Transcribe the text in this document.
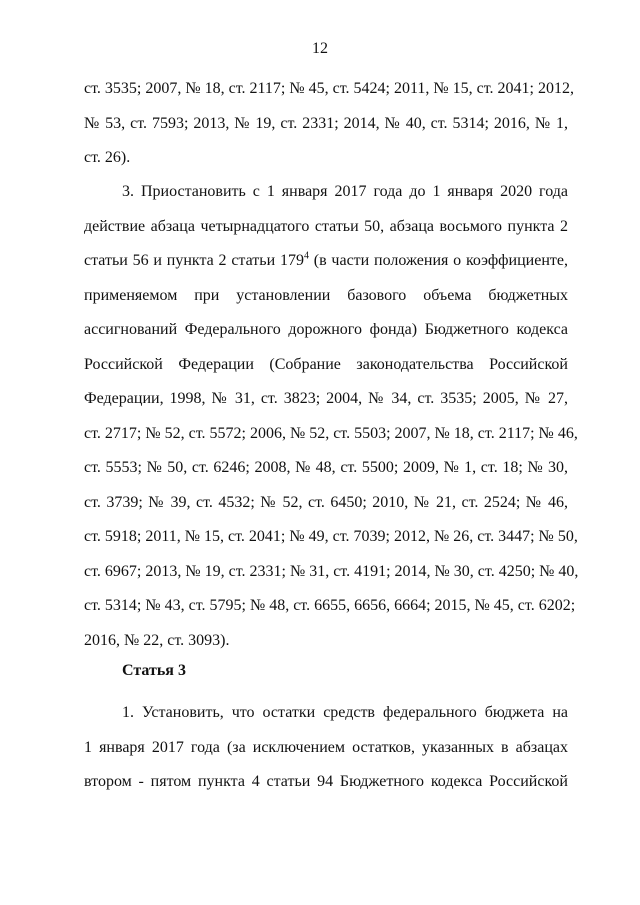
12
ст. 3535; 2007, № 18, ст. 2117; № 45, ст. 5424; 2011, № 15, ст. 2041; 2012,
№ 53, ст. 7593; 2013, № 19, ст. 2331; 2014, № 40, ст. 5314; 2016, № 1,
ст. 26).
3. Приостановить с 1 января 2017 года до 1 января 2020 года
действие абзаца четырнадцатого статьи 50, абзаца восьмого пункта 2
статьи 56 и пункта 2 статьи $179^4$ (в части положения о коэффициенте,
применяемом при установлении базового объема бюджетных
ассигнований Федерального дорожного фонда) Бюджетного кодекса
Российской Федерации (Собрание законодательства Российской
Федерации, 1998, № 31, ст. 3823; 2004, № 34, ст. 3535; 2005, № 27,
ст. 2717; № 52, ст. 5572; 2006, № 52, ст. 5503; 2007, № 18, ст. 2117; № 46,
ст. 5553; № 50, ст. 6246; 2008, № 48, ст. 5500; 2009, № 1, ст. 18; № 30,
ст. 3739; № 39, ст. 4532; № 52, ст. 6450; 2010, № 21, ст. 2524; № 46,
ст. 5918; 2011, № 15, ст. 2041; № 49, ст. 7039; 2012, № 26, ст. 3447; № 50,
ст. 6967; 2013, № 19, ст. 2331; № 31, ст. 4191; 2014, № 30, ст. 4250; № 40,
ст. 5314; № 43, ст. 5795; № 48, ст. 6655, 6656, 6664; 2015, № 45, ст. 6202;
2016, № 22, ст. 3093).
Статья 3
1. Установить, что остатки средств федерального бюджета на
1 января 2017 года (за исключением остатков, указанных в абзацах
втором - пятом пункта 4 статьи 94 Бюджетного кодекса Российской
